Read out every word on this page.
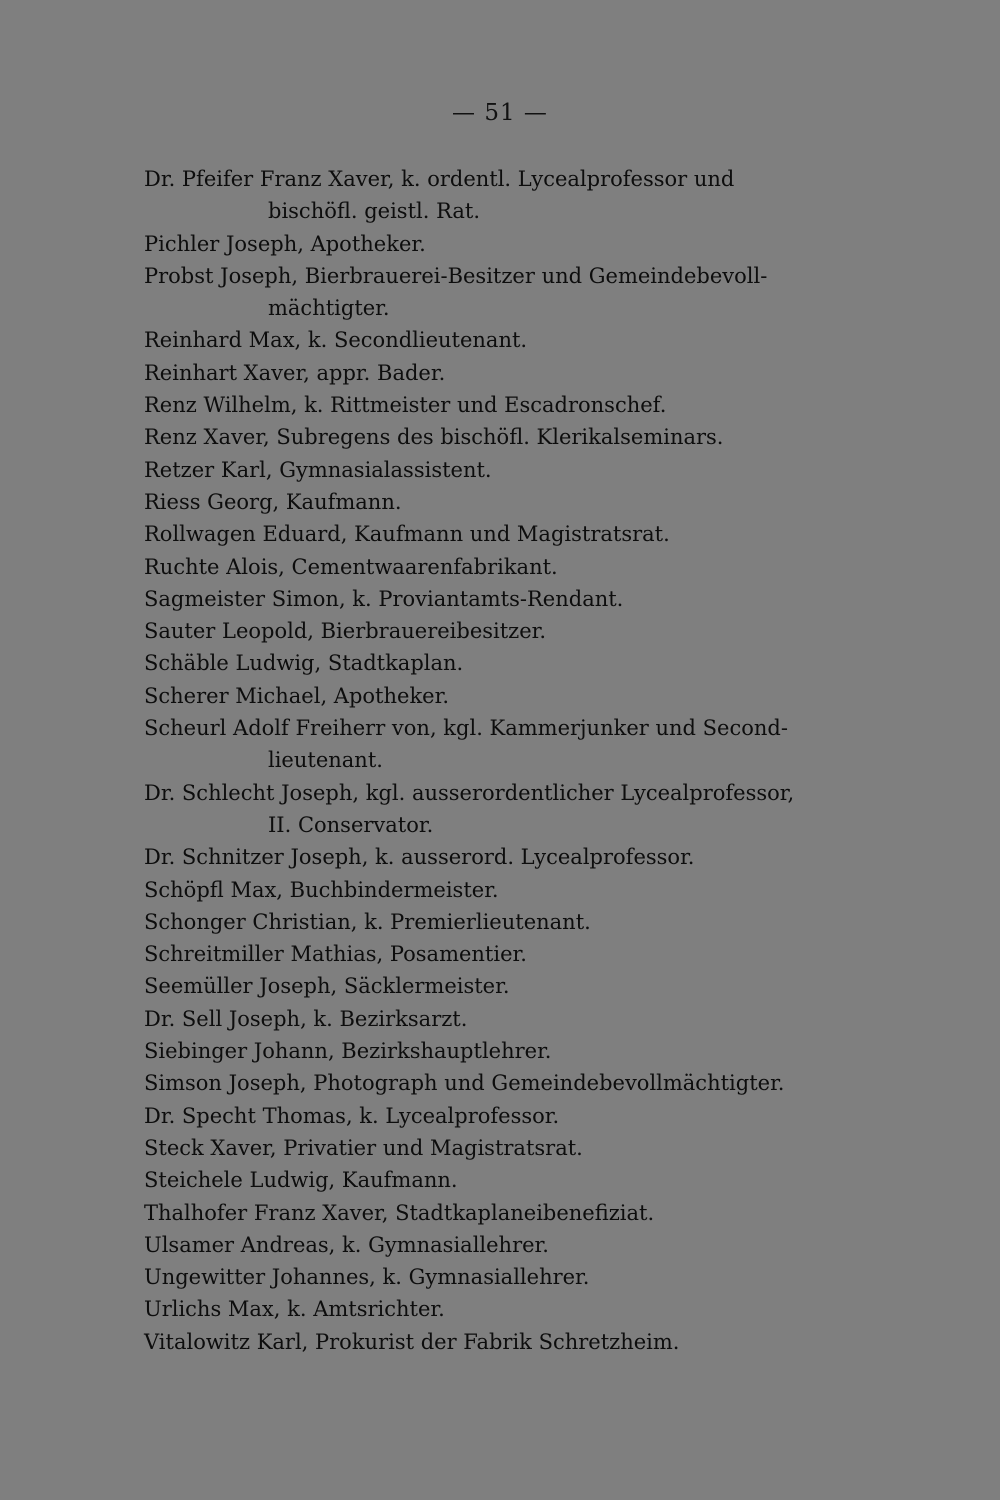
— 51 —
Dr. Pfeifer Franz Xaver, k. ordentl. Lycealprofessor und
bischöfl. geistl. Rat.
Pichler Joseph, Apotheker.
Probst Joseph, Bierbrauerei-Besitzer und Gemeindebevoll-
mächtigter.
Reinhard Max, k. Secondlieutenant.
Reinhart Xaver, appr. Bader.
Renz Wilhelm, k. Rittmeister und Escadronschef.
Renz Xaver, Subregens des bischöfl. Klerikalseminars.
Retzer Karl, Gymnasialassistent.
Riess Georg, Kaufmann.
Rollwagen Eduard, Kaufmann und Magistratsrat.
Ruchte Alois, Cementwaarenfabrikant.
Sagmeister Simon, k. Proviantamts-Rendant.
Sauter Leopold, Bierbrauereibesitzer.
Schäble Ludwig, Stadtkaplan.
Scherer Michael, Apotheker.
Scheurl Adolf Freiherr von, kgl. Kammerjunker und Second-
lieutenant.
Dr. Schlecht Joseph, kgl. ausserordentlicher Lycealprofessor,
II. Conservator.
Dr. Schnitzer Joseph, k. ausserord. Lycealprofessor.
Schöpfl Max, Buchbindermeister.
Schonger Christian, k. Premierlieutenant.
Schreitmiller Mathias, Posamentier.
Seemüller Joseph, Säcklermeister.
Dr. Sell Joseph, k. Bezirksarzt.
Siebinger Johann, Bezirkshauptlehrer.
Simson Joseph, Photograph und Gemeindebevollmächtigter.
Dr. Specht Thomas, k. Lycealprofessor.
Steck Xaver, Privatier und Magistratsrat.
Steichele Ludwig, Kaufmann.
Thalhofer Franz Xaver, Stadtkaplaneibenefiziat.
Ulsamer Andreas, k. Gymnasiallehrer.
Ungewitter Johannes, k. Gymnasiallehrer.
Urlichs Max, k. Amtsrichter.
Vitalowitz Karl, Prokurist der Fabrik Schretzheim.
